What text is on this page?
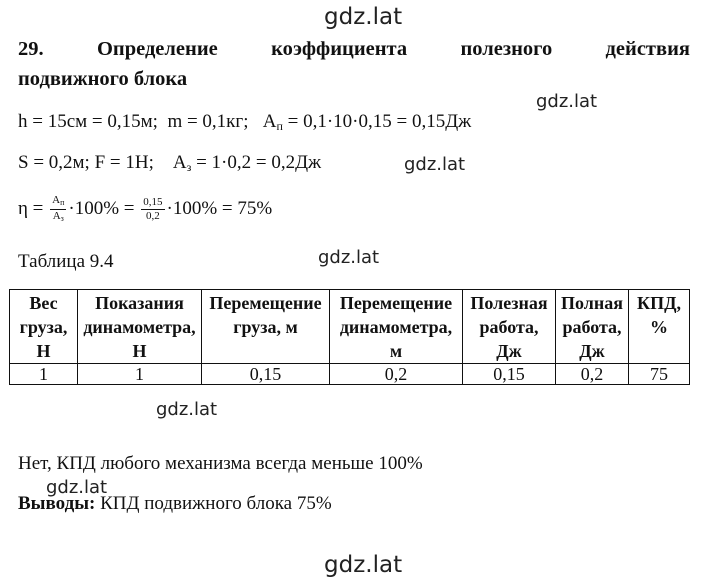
gdz.lat
gdz.lat
gdz.lat
gdz.lat
gdz.lat
gdz.lat
gdz.lat
29.	Определение	коэффициента	полезного	действия
подвижного блока
h = 15см = 0,15м;  m = 0,1кг;   $A_п = 0,1\cdot 10\cdot 0,15 = 0,15Дж$
S = 0,2м; F = 1Н;    $A_з = 1\cdot 0,2 = 0,2Дж$
$\eta = \frac{A_п}{A_з} \cdot 100\% = \frac{0,15}{0,2} \cdot 100\% = 75\%$
Таблица 9.4
Вес груза, Н	Показания динамометра, Н	Перемещение груза, м	Перемещение динамометра, м	Полезная работа, Дж	Полная работа, Дж	КПД, %
1	1	0,15	0,2	0,15	0,2	75
Нет, КПД любого механизма всегда меньше 100%
Выводы: КПД подвижного блока 75%
